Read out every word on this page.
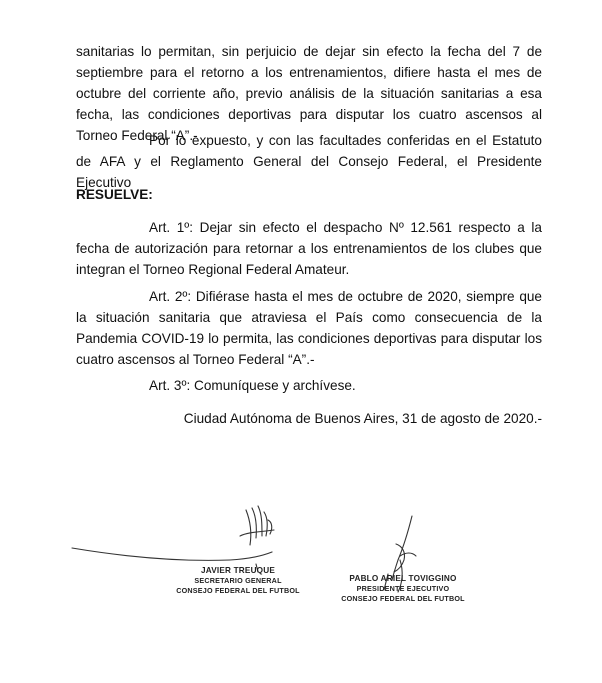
sanitarias lo permitan, sin perjuicio de dejar sin efecto la fecha del 7 de septiembre para el retorno a los entrenamientos, difiere hasta el mes de octubre del corriente año, previo análisis de la situación sanitarias a esa fecha, las condiciones deportivas para disputar los cuatro ascensos al Torneo Federal “A”.-

Por lo expuesto, y con las facultades conferidas en el Estatuto de AFA y el Reglamento General del Consejo Federal, el Presidente Ejecutivo

RESUELVE:

Art. 1º: Dejar sin efecto el despacho Nº 12.561 respecto a la fecha de autorización para retornar a los entrenamientos de los clubes que integran el Torneo Regional Federal Amateur.

Art. 2º: Difiérase hasta el mes de octubre de 2020, siempre que la situación sanitaria que atraviesa el País como consecuencia de la Pandemia COVID-19 lo permita, las condiciones deportivas para disputar los cuatro ascensos al Torneo Federal “A”.-

Art. 3º: Comuníquese y archívese.

Ciudad Autónoma de Buenos Aires, 31 de agosto de 2020.-

JAVIER TREUQUE
SECRETARIO GENERAL
CONSEJO FEDERAL DEL FUTBOL
PABLO ARIEL TOVIGGINO
PRESIDENTE EJECUTIVO
CONSEJO FEDERAL DEL FUTBOL
